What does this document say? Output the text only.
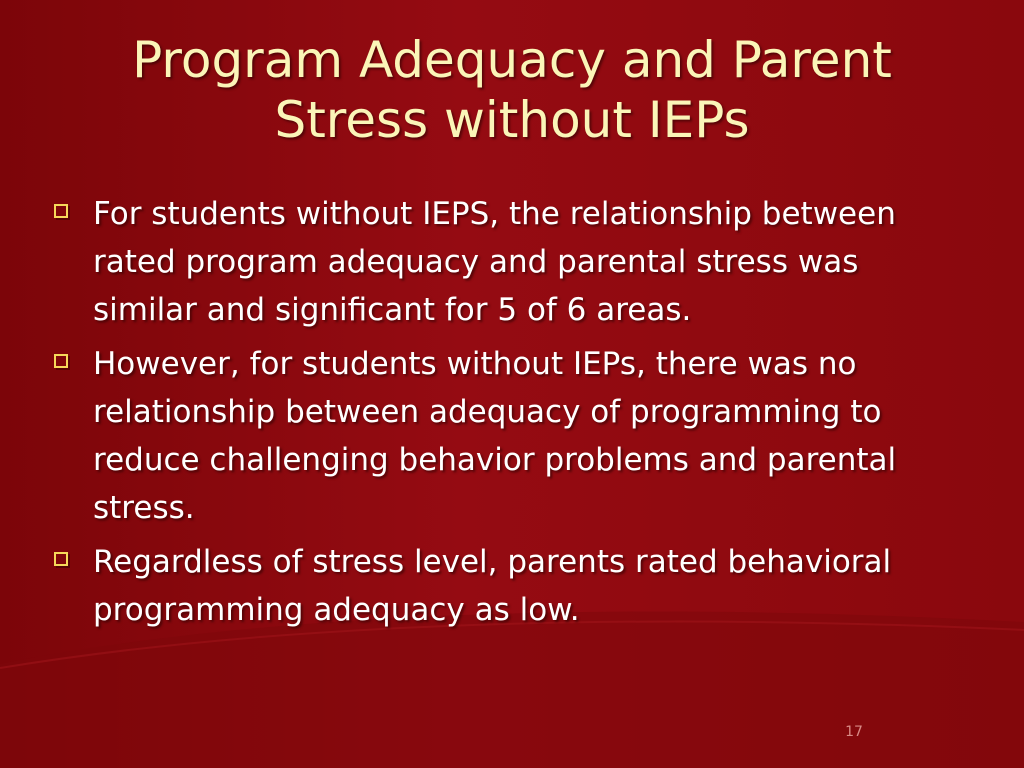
Program Adequacy and Parent
Stress without IEPs
For students without IEPS, the relationship between rated program adequacy and parental stress was similar and significant for 5 of 6 areas.
However, for students without IEPs, there was no relationship between adequacy of programming to reduce challenging behavior problems and parental stress.
Regardless of stress level, parents rated behavioral programming adequacy as low.
17
